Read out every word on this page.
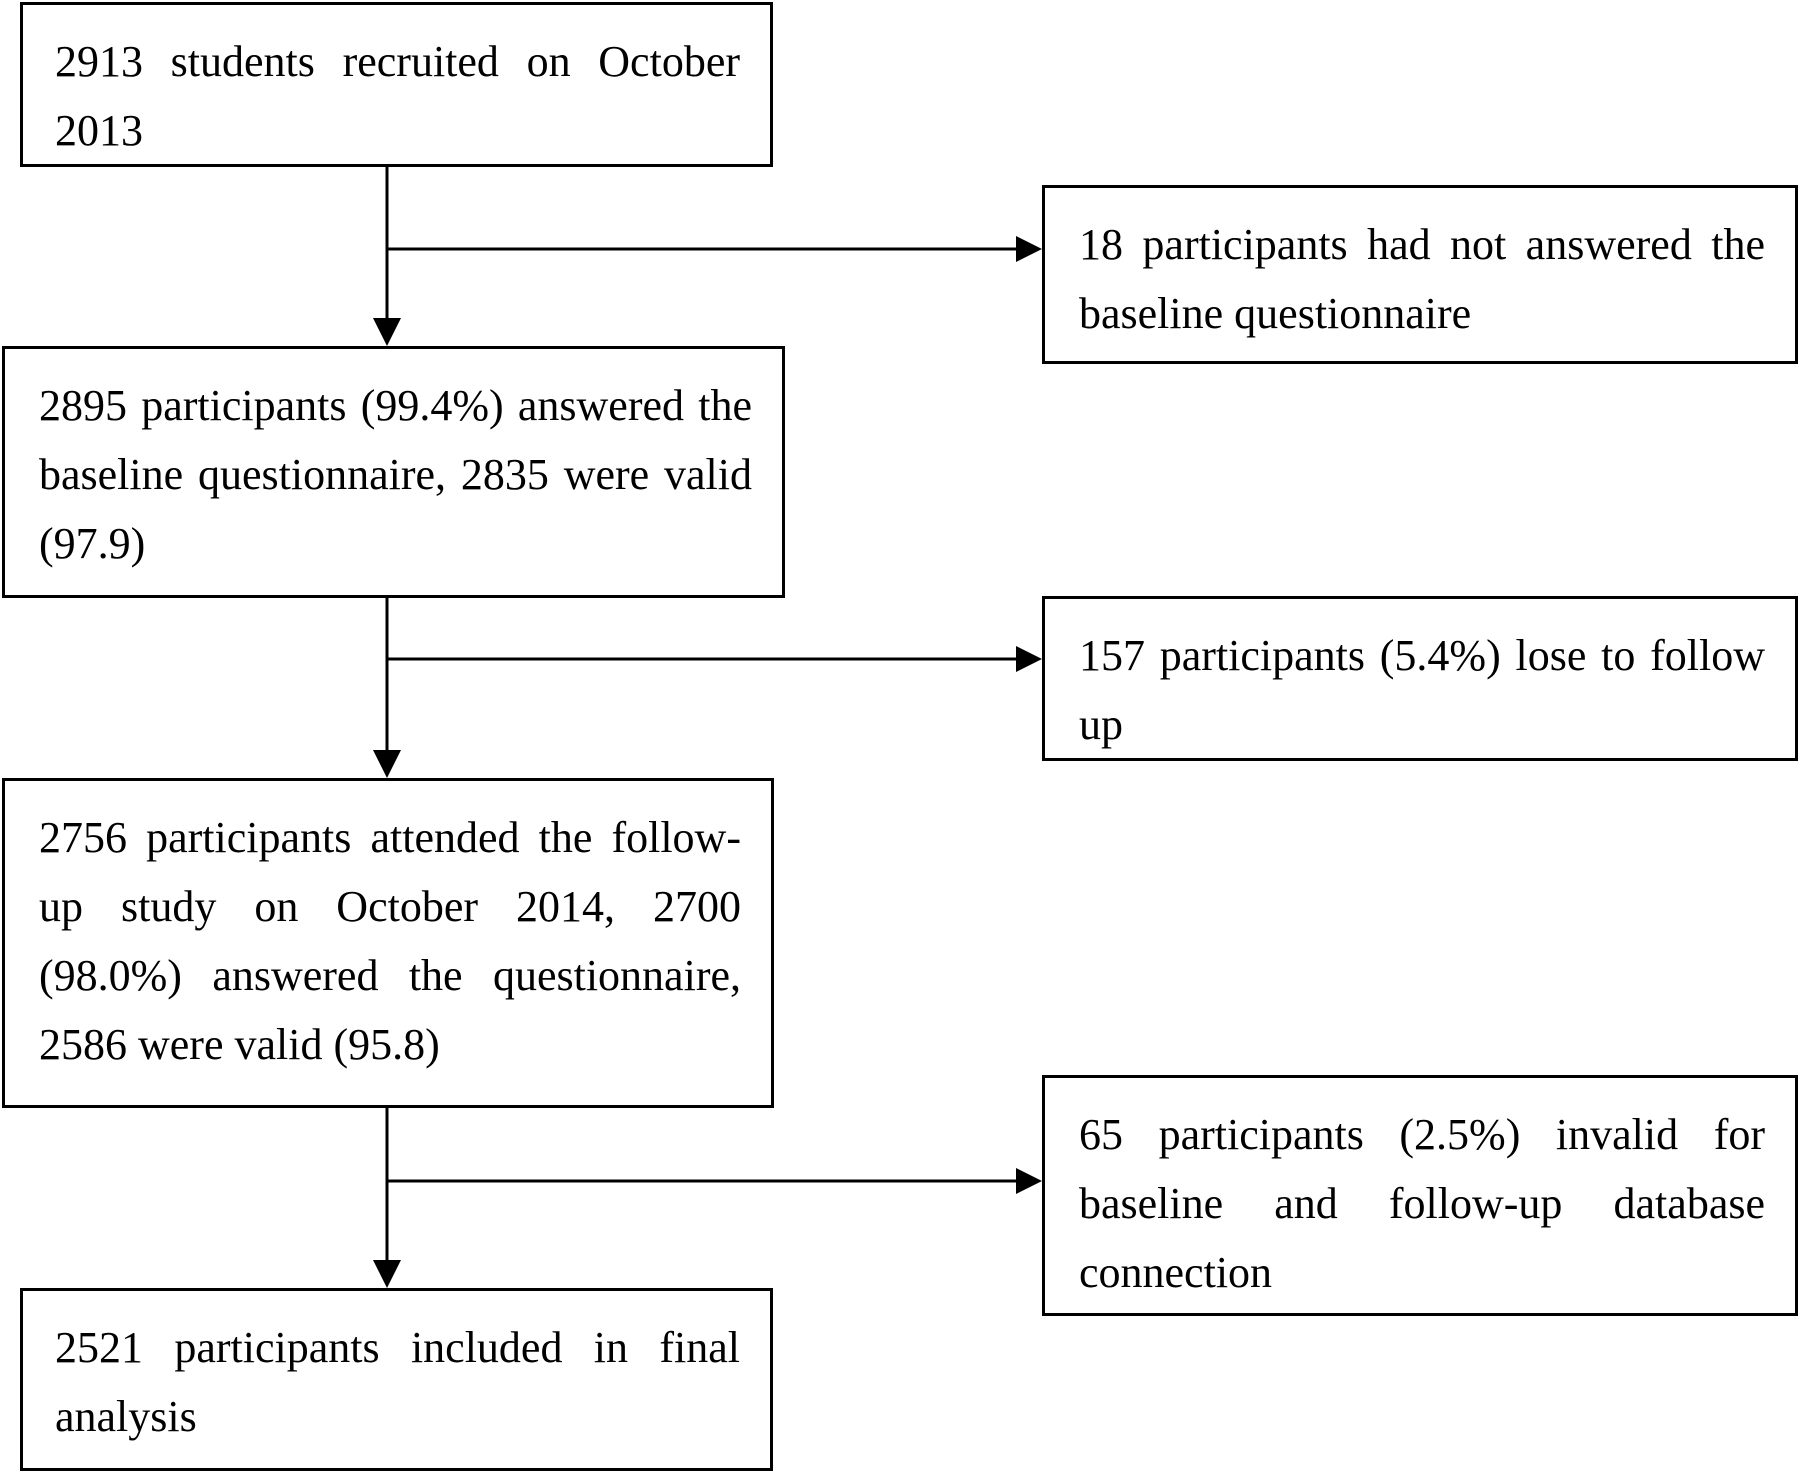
2913 students recruited on October 2013
2895 participants (99.4%) answered the baseline questionnaire, 2835 were valid (97.9)
2756 participants attended the follow-up study on October 2014, 2700 (98.0%) answered the questionnaire, 2586 were valid (95.8)
2521 participants included in final analysis
18 participants had not answered the baseline questionnaire
157 participants (5.4%) lose to follow up
65 participants (2.5%) invalid for baseline and follow-up database connection
